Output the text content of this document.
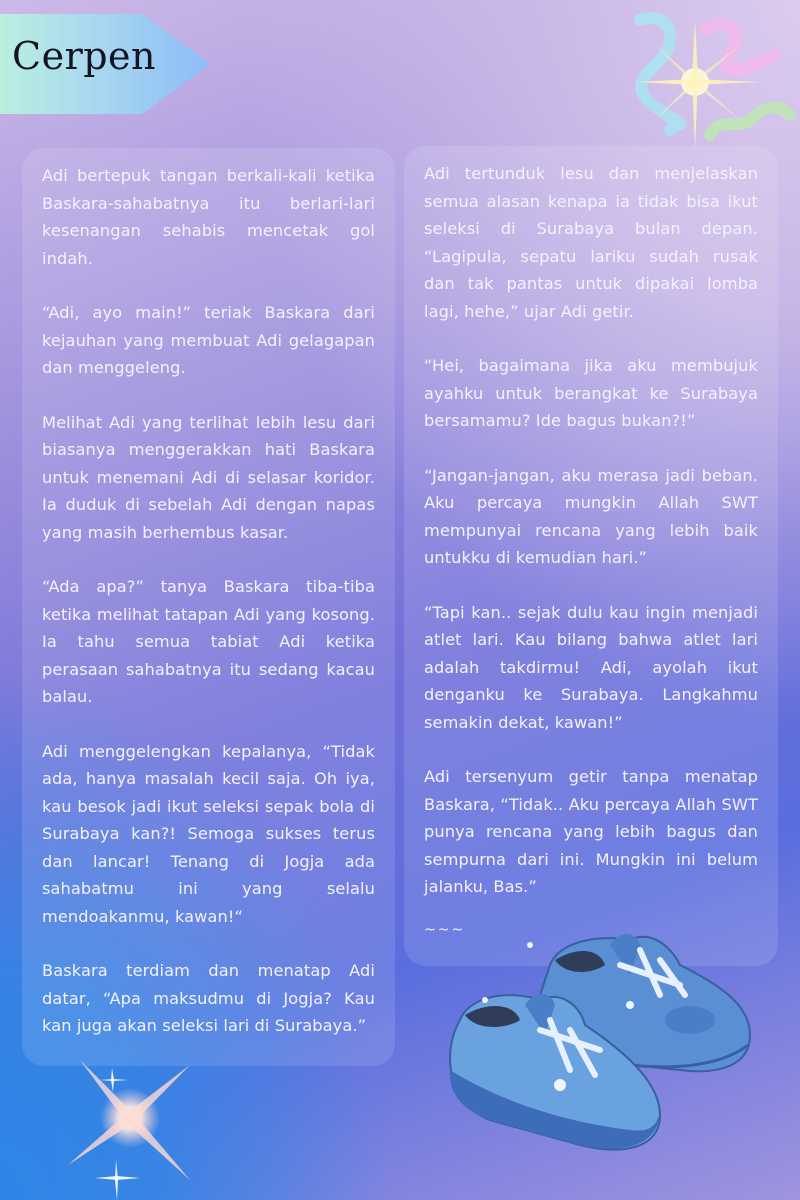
Cerpen

Adi bertepuk tangan berkali-kali ketika Baskara-sahabatnya itu berlari-lari kesenangan sehabis mencetak gol indah.

“Adi, ayo main!” teriak Baskara dari kejauhan yang membuat Adi gelagapan dan menggeleng.

Melihat Adi yang terlihat lebih lesu dari biasanya menggerakkan hati Baskara untuk menemani Adi di selasar koridor. Ia duduk di sebelah Adi dengan napas yang masih berhembus kasar.

“Ada apa?” tanya Baskara tiba-tiba ketika melihat tatapan Adi yang kosong. Ia tahu semua tabiat Adi ketika perasaan sahabatnya itu sedang kacau balau.

Adi menggelengkan kepalanya, “Tidak ada, hanya masalah kecil saja. Oh iya, kau besok jadi ikut seleksi sepak bola di Surabaya kan?! Semoga sukses terus dan lancar! Tenang di Jogja ada sahabatmu ini yang selalu mendoakanmu, kawan!“

Baskara terdiam dan menatap Adi datar, “Apa maksudmu di Jogja? Kau kan juga akan seleksi lari di Surabaya.”

Adi tertunduk lesu dan menjelaskan semua alasan kenapa ia tidak bisa ikut seleksi di Surabaya bulan depan. “Lagipula, sepatu lariku sudah rusak dan tak pantas untuk dipakai lomba lagi, hehe,” ujar Adi getir.

“Hei, bagaimana jika aku membujuk ayahku untuk berangkat ke Surabaya bersamamu? Ide bagus bukan?!”

“Jangan-jangan, aku merasa jadi beban. Aku percaya mungkin Allah SWT mempunyai rencana yang lebih baik untukku di kemudian hari.”

“Tapi kan.. sejak dulu kau ingin menjadi atlet lari. Kau bilang bahwa atlet lari adalah takdirmu! Adi, ayolah ikut denganku ke Surabaya. Langkahmu semakin dekat, kawan!”

Adi tersenyum getir tanpa menatap Baskara, “Tidak.. Aku percaya Allah SWT punya rencana yang lebih bagus dan sempurna dari ini. Mungkin ini belum jalanku, Bas.”

~~~
